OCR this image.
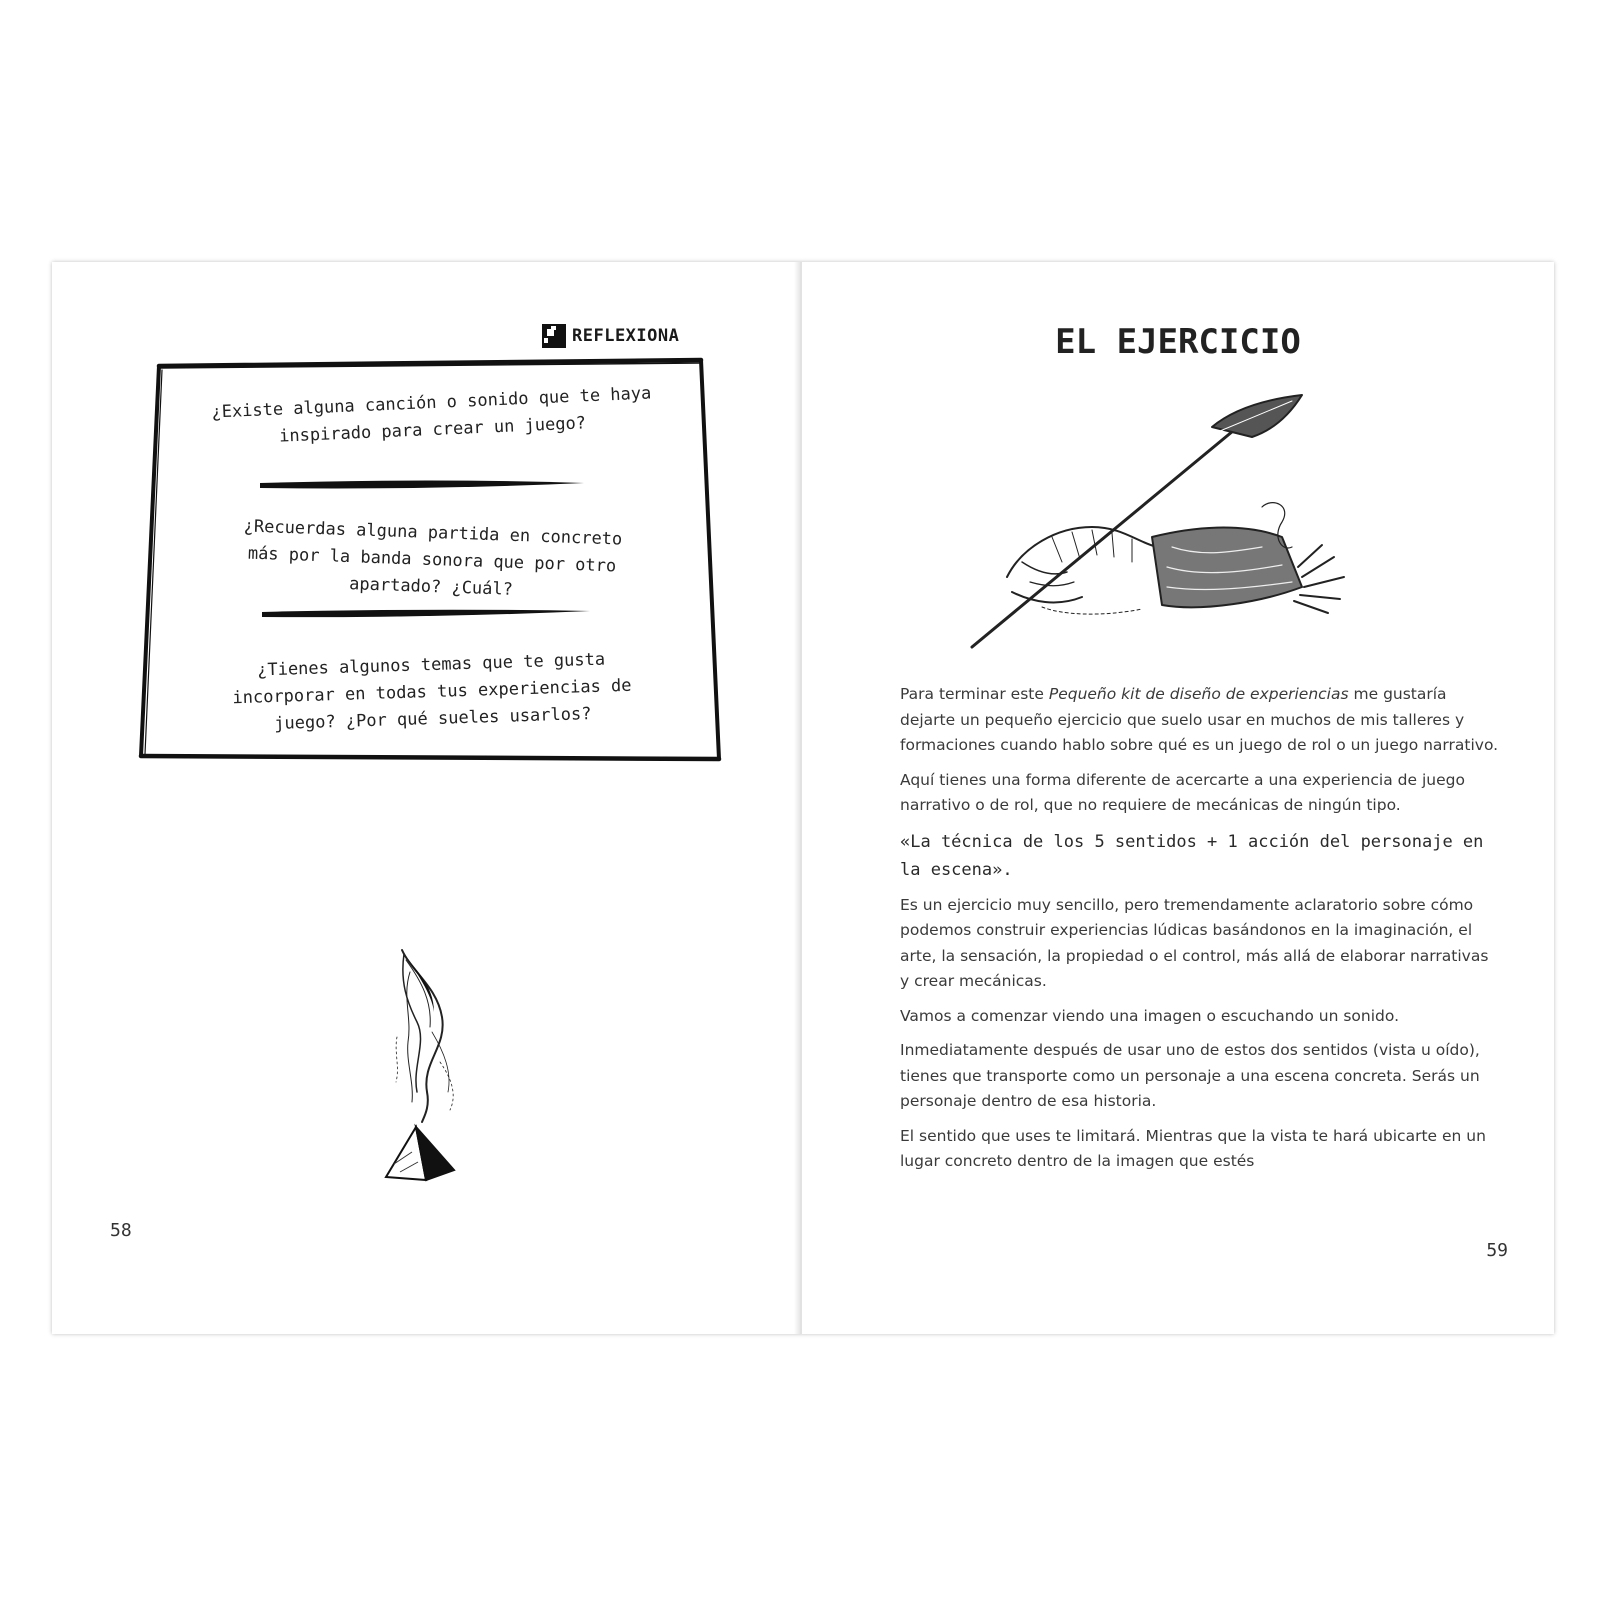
REFLEXIONA

¿Existe alguna canción o sonido que te haya inspirado para crear un juego?

¿Recuerdas alguna partida en concreto más por la banda sonora que por otro apartado? ¿Cuál?

¿Tienes algunos temas que te gusta incorporar en todas tus experiencias de juego? ¿Por qué sueles usarlos?

58
EL EJERCICIO

Para terminar este Pequeño kit de diseño de experiencias me gustaría dejarte un pequeño ejercicio que suelo usar en muchos de mis talleres y formaciones cuando hablo sobre qué es un juego de rol o un juego narrativo.

Aquí tienes una forma diferente de acercarte a una experiencia de juego narrativo o de rol, que no requiere de mecánicas de ningún tipo.

«La técnica de los 5 sentidos + 1 acción del personaje en la escena».

Es un ejercicio muy sencillo, pero tremendamente aclaratorio sobre cómo podemos construir experiencias lúdicas basándonos en la imaginación, el arte, la sensación, la propiedad o el control, más allá de elaborar narrativas y crear mecánicas.

Vamos a comenzar viendo una imagen o escuchando un sonido.

Inmediatamente después de usar uno de estos dos sentidos (vista u oído), tienes que transporte como un personaje a una escena concreta. Serás un personaje dentro de esa historia.

El sentido que uses te limitará. Mientras que la vista te hará ubicarte en un lugar concreto dentro de la imagen que estés

59
